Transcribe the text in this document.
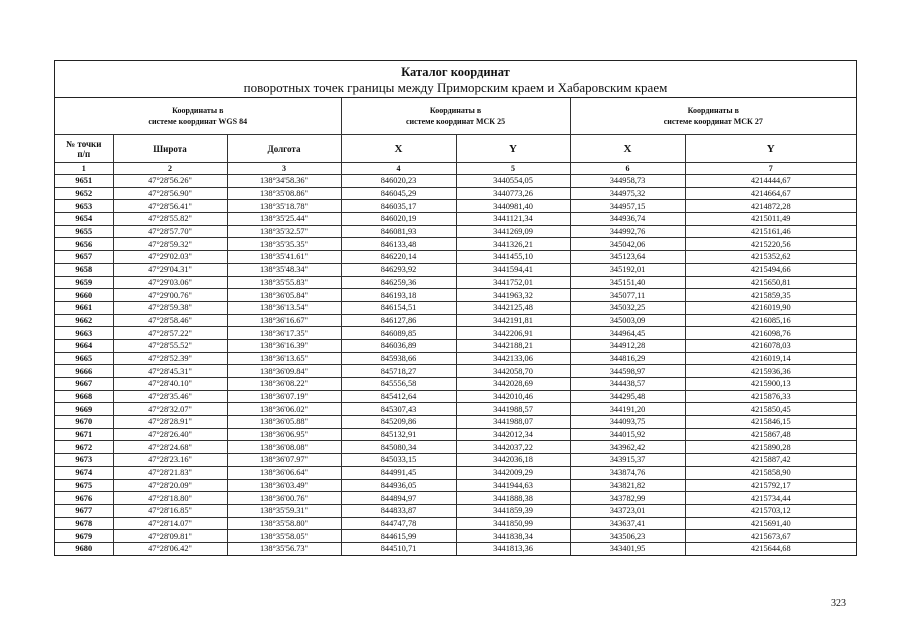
Каталог координат
поворотных точек границы между Приморским краем и Хабаровским краем
Координаты в
системе координат WGS 84			Координаты в
системе координат МСК 25		Координаты в
системе координат МСК 27	
№ точки
п/п	Широта	Долгота	X	Y	X	Y
1	2	3	4	5	6	7
9651	47°28'56.26"	138°34'58.36"	846020,23	3440554,05	344958,73	4214444,67
9652	47°28'56.90"	138°35'08.86"	846045,29	3440773,26	344975,32	4214664,67
9653	47°28'56.41"	138°35'18.78"	846035,17	3440981,40	344957,15	4214872,28
9654	47°28'55.82"	138°35'25.44"	846020,19	3441121,34	344936,74	4215011,49
9655	47°28'57.70"	138°35'32.57"	846081,93	3441269,09	344992,76	4215161,46
9656	47°28'59.32"	138°35'35.35"	846133,48	3441326,21	345042,06	4215220,56
9657	47°29'02.03"	138°35'41.61"	846220,14	3441455,10	345123,64	4215352,62
9658	47°29'04.31"	138°35'48.34"	846293,92	3441594,41	345192,01	4215494,66
9659	47°29'03.06"	138°35'55.83"	846259,36	3441752,01	345151,40	4215650,81
9660	47°29'00.76"	138°36'05.84"	846193,18	3441963,32	345077,11	4215859,35
9661	47°28'59.38"	138°36'13.54"	846154,51	3442125,48	345032,25	4216019,90
9662	47°28'58.46"	138°36'16.67"	846127,86	3442191,81	345003,09	4216085,16
9663	47°28'57.22"	138°36'17.35"	846089,85	3442206,91	344964,45	4216098,76
9664	47°28'55.52"	138°36'16.39"	846036,89	3442188,21	344912,28	4216078,03
9665	47°28'52.39"	138°36'13.65"	845938,66	3442133,06	344816,29	4216019,14
9666	47°28'45.31"	138°36'09.84"	845718,27	3442058,70	344598,97	4215936,36
9667	47°28'40.10"	138°36'08.22"	845556,58	3442028,69	344438,57	4215900,13
9668	47°28'35.46"	138°36'07.19"	845412,64	3442010,46	344295,48	4215876,33
9669	47°28'32.07"	138°36'06.02"	845307,43	3441988,57	344191,20	4215850,45
9670	47°28'28.91"	138°36'05.88"	845209,86	3441988,07	344093,75	4215846,15
9671	47°28'26.40"	138°36'06.95"	845132,91	3442012,34	344015,92	4215867,48
9672	47°28'24.68"	138°36'08.08"	845080,34	3442037,22	343962,42	4215890,28
9673	47°28'23.16"	138°36'07.97"	845033,15	3442036,18	343915,37	4215887,42
9674	47°28'21.83"	138°36'06.64"	844991,45	3442009,29	343874,76	4215858,90
9675	47°28'20.09"	138°36'03.49"	844936,05	3441944,63	343821,82	4215792,17
9676	47°28'18.80"	138°36'00.76"	844894,97	3441888,38	343782,99	4215734,44
9677	47°28'16.85"	138°35'59.31"	844833,87	3441859,39	343723,01	4215703,12
9678	47°28'14.07"	138°35'58.80"	844747,78	3441850,99	343637,41	4215691,40
9679	47°28'09.81"	138°35'58.05"	844615,99	3441838,34	343506,23	4215673,67
9680	47°28'06.42"	138°35'56.73"	844510,71	3441813,36	343401,95	4215644,68
323
